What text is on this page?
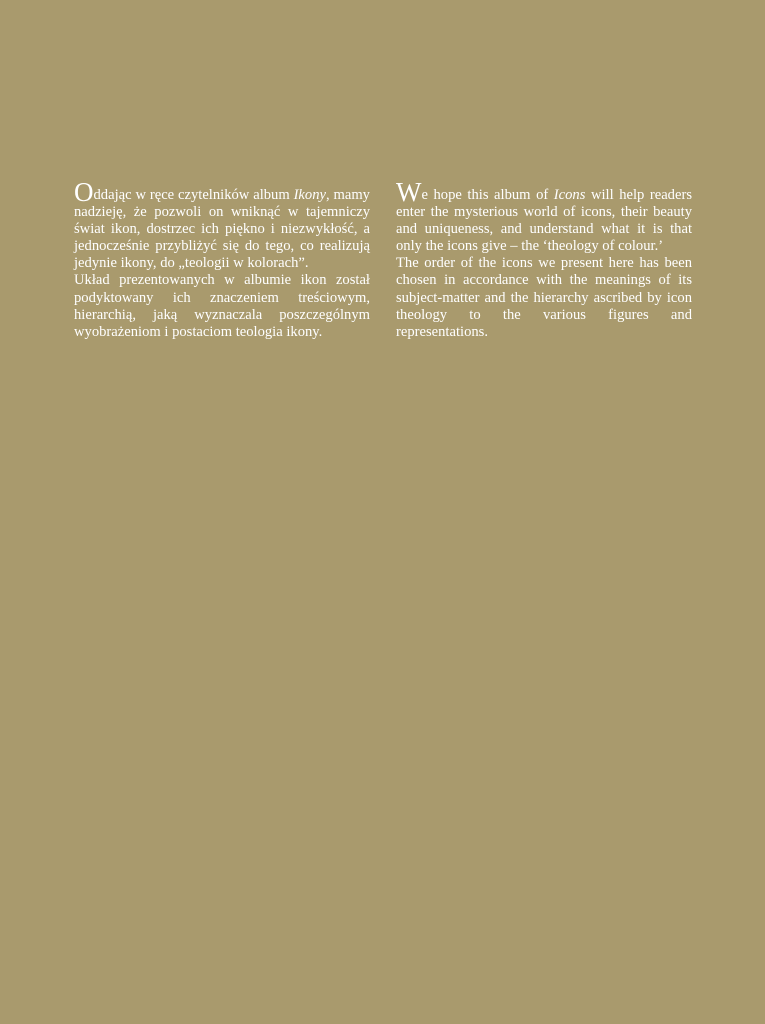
Oddając w ręce czytelników album Ikony, mamy nadzieję, że pozwoli on wniknąć w tajemniczy świat ikon, dostrzec ich piękno i niezwykłość, a jednocześnie przybliżyć się do tego, co realizują jedynie ikony, do „teologii w kolorach”.

Układ prezentowanych w albumie ikon został podyktowany ich znaczeniem treściowym, hierarchią, jaką wyznaczala poszczególnym wyobrażeniom i postaciom teologia ikony.

We hope this album of Icons will help readers enter the mysterious world of icons, their beauty and uniqueness, and understand what it is that only the icons give – the ‘theology of colour.’

The order of the icons we present here has been chosen in accordance with the meanings of its subject-matter and the hierarchy ascribed by icon theology to the various figures and representations.
